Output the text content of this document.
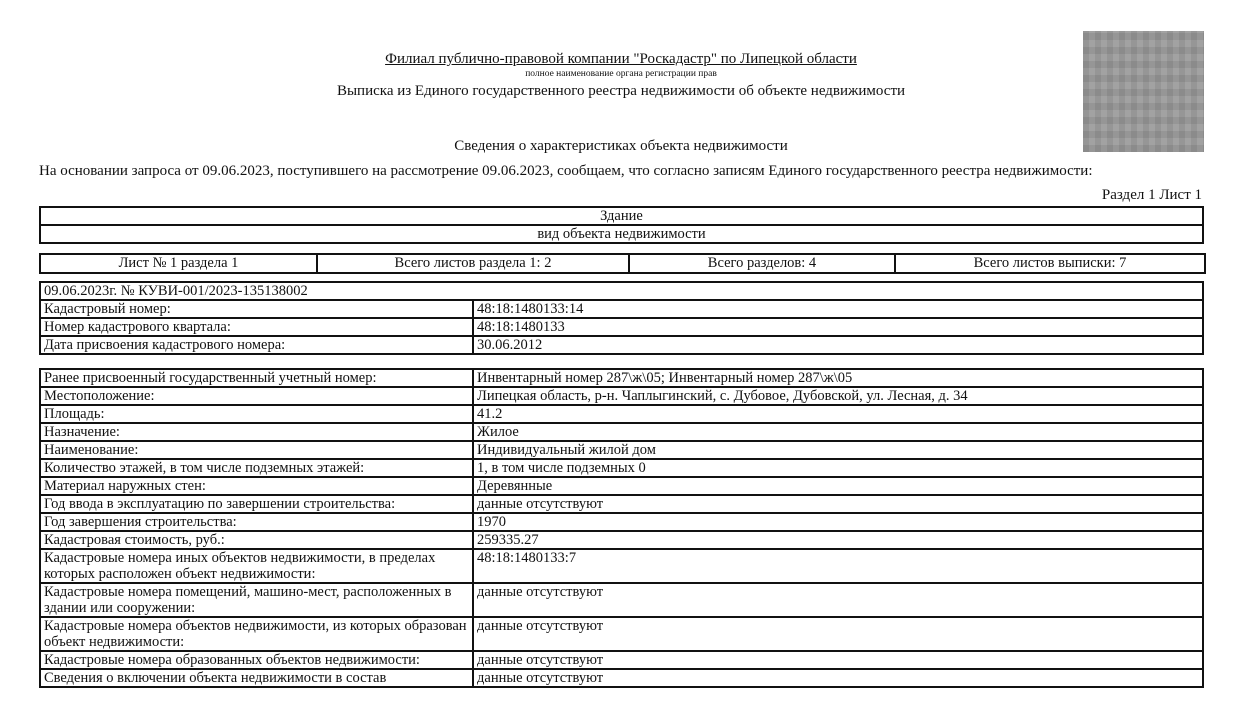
Филиал публично-правовой компании "Роскадастр" по Липецкой области
полное наименование органа регистрации прав
Выписка из Единого государственного реестра недвижимости об объекте недвижимости
Сведения о характеристиках объекта недвижимости
На основании запроса от 09.06.2023, поступившего на рассмотрение 09.06.2023, сообщаем, что согласно записям Единого государственного реестра недвижимости:
Раздел 1 Лист 1
Здание
вид объекта недвижимости
Лист № 1 раздела 1	Всего листов раздела 1: 2	Всего разделов: 4	Всего листов выписки: 7
09.06.2023г. № КУВИ-001/2023-135138002	
Кадастровый номер:	48:18:1480133:14
Номер кадастрового квартала:	48:18:1480133
Дата присвоения кадастрового номера:	30.06.2012
Ранее присвоенный государственный учетный номер:	Инвентарный номер 287\ж\05; Инвентарный номер 287\ж\05
Местоположение:	Липецкая область, р-н. Чаплыгинский, с. Дубовое, Дубовской, ул. Лесная, д. 34
Площадь:	41.2
Назначение:	Жилое
Наименование:	Индивидуальный жилой дом
Количество этажей, в том числе подземных этажей:	1, в том числе подземных 0
Материал наружных стен:	Деревянные
Год ввода в эксплуатацию по завершении строительства:	данные отсутствуют
Год завершения строительства:	1970
Кадастровая стоимость, руб.:	259335.27
Кадастровые номера иных объектов недвижимости, в пределах которых расположен объект недвижимости:	48:18:1480133:7
Кадастровые номера помещений, машино-мест, расположенных в здании или сооружении:	данные отсутствуют
Кадастровые номера объектов недвижимости, из которых образован объект недвижимости:	данные отсутствуют
Кадастровые номера образованных объектов недвижимости:	данные отсутствуют
Сведения о включении объекта недвижимости в состав	данные отсутствуют
